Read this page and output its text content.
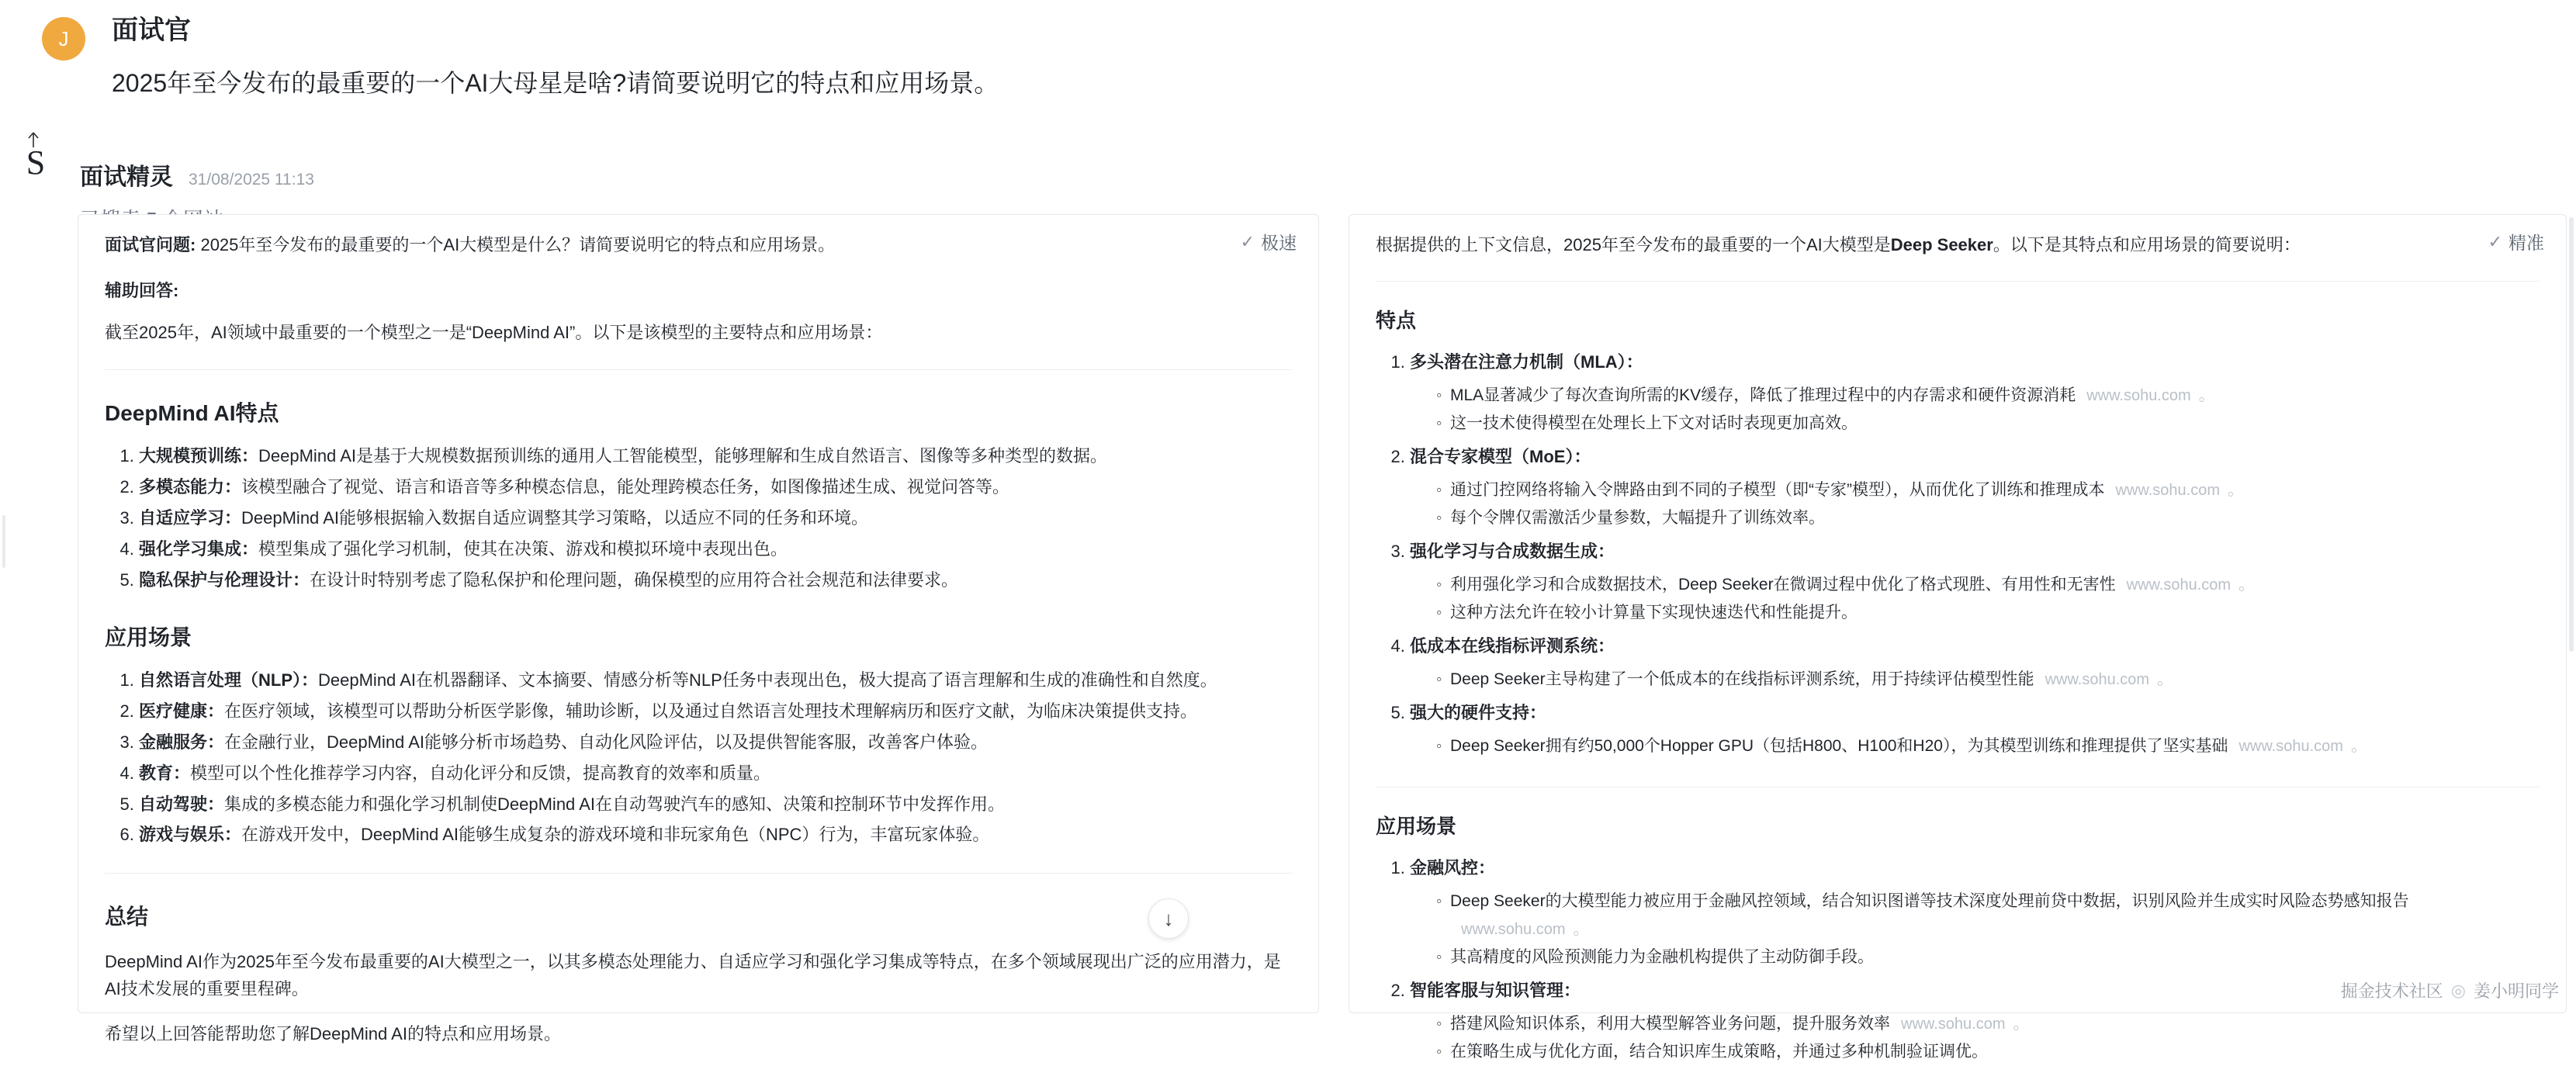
J	面试官
2025年至今发布的最重要的一个AI大母星是啥?请简要说明它的特点和应用场景。
S 面试精灵 31/08/2025 11:13
✓ 极速
面试官问题: 2025年至今发布的最重要的一个AI大模型是什么？请简要说明它的特点和应用场景。
辅助回答:
截至2025年，AI领域中最重要的一个模型之一是“DeepMind AI”。以下是该模型的主要特点和应用场景：
DeepMind AI特点
1. 大规模预训练：DeepMind AI是基于大规模数据预训练的通用人工智能模型，能够理解和生成自然语言、图像等多种类型的数据。
2. 多模态能力：该模型融合了视觉、语言和语音等多种模态信息，能处理跨模态任务，如图像描述生成、视觉问答等。
3. 自适应学习：DeepMind AI能够根据输入数据自适应调整其学习策略，以适应不同的任务和环境。
4. 强化学习集成：模型集成了强化学习机制，使其在决策、游戏和模拟环境中表现出色。
5. 隐私保护与伦理设计：在设计时特别考虑了隐私保护和伦理问题，确保模型的应用符合社会规范和法律要求。
应用场景
1. 自然语言处理（NLP）：DeepMind AI在机器翻译、文本摘要、情感分析等NLP任务中表现出色，极大提高了语言理解和生成的准确性和自然度。
2. 医疗健康：在医疗领域，该模型可以帮助分析医学影像，辅助诊断，以及通过自然语言处理技术理解病历和医疗文献，为临床决策提供支持。
3. 金融服务：在金融行业，DeepMind AI能够分析市场趋势、自动化风险评估，以及提供智能客服，改善客户体验。
4. 教育：模型可以个性化推荐学习内容，自动化评分和反馈，提高教育的效率和质量。
5. 自动驾驶：集成的多模态能力和强化学习机制使DeepMind AI在自动驾驶汽车的感知、决策和控制环节中发挥作用。
6. 游戏与娱乐：在游戏开发中，DeepMind AI能够生成复杂的游戏环境和非玩家角色（NPC）行为，丰富玩家体验。
总结
DeepMind AI作为2025年至今发布最重要的AI大模型之一，以其多模态处理能力、自适应学习和强化学习集成等特点，在多个领域展现出广泛的应用潜力，是AI技术发展的重要里程碑。
希望以上回答能帮助您了解DeepMind AI的特点和应用场景。
✓ 精准
根据提供的上下文信息，2025年至今发布的最重要的一个AI大模型是Deep Seeker。以下是其特点和应用场景的简要说明：
特点
1. 多头潜在注意力机制（MLA）：
◦ MLA显著减少了每次查询所需的KV缓存，降低了推理过程中的内存需求和硬件资源消耗 www.sohu.com 。
◦ 这一技术使得模型在处理长上下文对话时表现更加高效。
2. 混合专家模型（MoE）：
◦ 通过门控网络将输入令牌路由到不同的子模型（即“专家”模型），从而优化了训练和推理成本 www.sohu.com 。
◦ 每个令牌仅需激活少量参数，大幅提升了训练效率。
3. 强化学习与合成数据生成：
◦ 利用强化学习和合成数据技术，Deep Seeker在微调过程中优化了格式现胜、有用性和无害性 www.sohu.com 。
◦ 这种方法允许在较小计算量下实现快速迭代和性能提升。
4. 低成本在线指标评测系统：
◦ Deep Seeker主导构建了一个低成本的在线指标评测系统，用于持续评估模型性能 www.sohu.com 。
5. 强大的硬件支持：
◦ Deep Seeker拥有约50,000个Hopper GPU（包括H800、H100和H20），为其模型训练和推理提供了坚实基础 www.sohu.com 。
应用场景
1. 金融风控：
◦ Deep Seeker的大模型能力被应用于金融风控领域，结合知识图谱等技术深度处理前贷中数据，识别风险并生成实时风险态势感知报告www.sohu.com 。
◦ 其高精度的风险预测能力为金融机构提供了主动防御手段。
2. 智能客服与知识管理：
◦ 搭建风险知识体系，利用大模型解答业务问题，提升服务效率 www.sohu.com 。
◦ 在策略生成与优化方面，结合知识库生成策略，并通过多种机制验证调优。
↓
掘金技术社区 ◎ 姜小明同学
